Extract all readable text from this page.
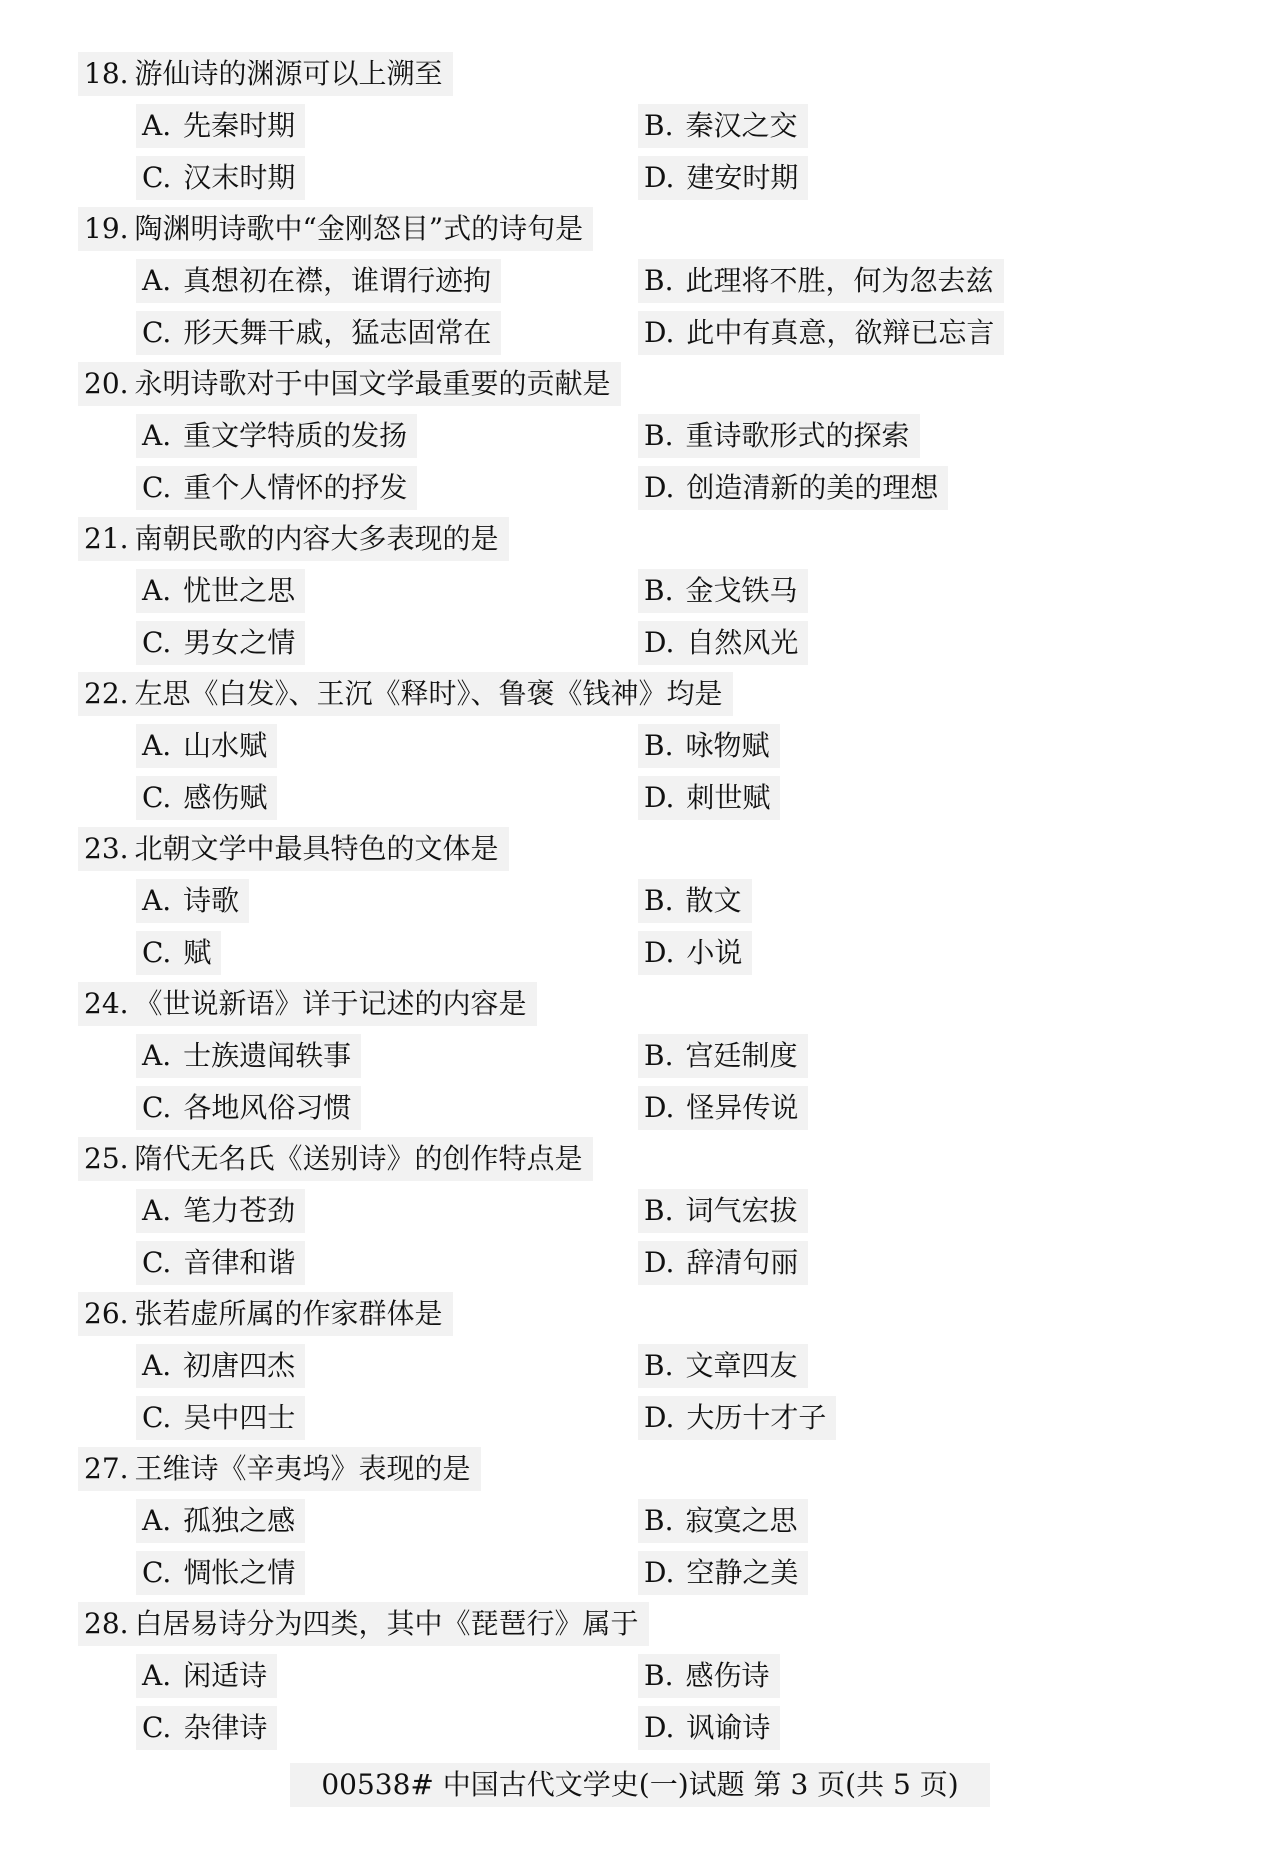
18. 游仙诗的渊源可以上溯至
A. 先秦时期	B. 秦汉之交
C. 汉末时期	D. 建安时期
19. 陶渊明诗歌中“金刚怒目”式的诗句是
A. 真想初在襟，谁谓行迹拘	B. 此理将不胜，何为忽去兹
C. 形天舞干戚，猛志固常在	D. 此中有真意，欲辩已忘言
20. 永明诗歌对于中国文学最重要的贡献是
A. 重文学特质的发扬	B. 重诗歌形式的探索
C. 重个人情怀的抒发	D. 创造清新的美的理想
21. 南朝民歌的内容大多表现的是
A. 忧世之思	B. 金戈铁马
C. 男女之情	D. 自然风光
22. 左思《白发》、王沉《释时》、鲁褒《钱神》均是
A. 山水赋	B. 咏物赋
C. 感伤赋	D. 刺世赋
23. 北朝文学中最具特色的文体是
A. 诗歌	B. 散文
C. 赋	D. 小说
24. 《世说新语》详于记述的内容是
A. 士族遗闻轶事	B. 宫廷制度
C. 各地风俗习惯	D. 怪异传说
25. 隋代无名氏《送别诗》的创作特点是
A. 笔力苍劲	B. 词气宏拔
C. 音律和谐	D. 辞清句丽
26. 张若虚所属的作家群体是
A. 初唐四杰	B. 文章四友
C. 吴中四士	D. 大历十才子
27. 王维诗《辛夷坞》表现的是
A. 孤独之感	B. 寂寞之思
C. 惆怅之情	D. 空静之美
28. 白居易诗分为四类，其中《琵琶行》属于
A. 闲适诗	B. 感伤诗
C. 杂律诗	D. 讽谕诗
00538# 中国古代文学史(一)试题 第 3 页(共 5 页)
